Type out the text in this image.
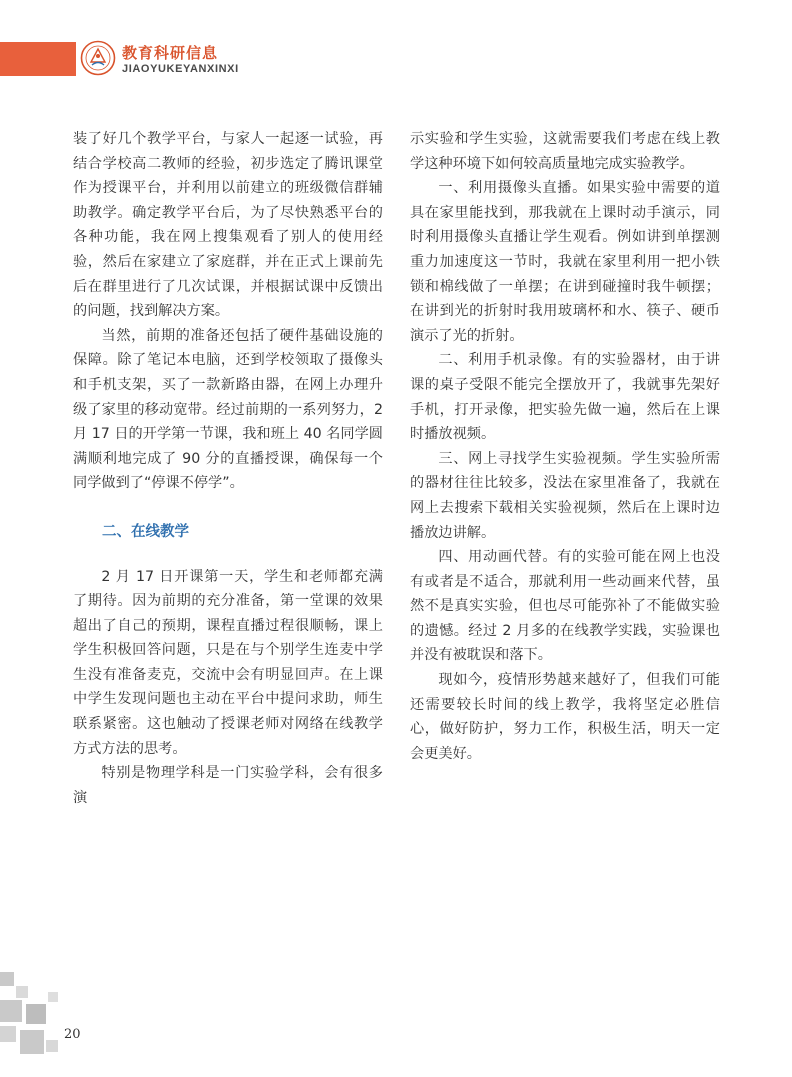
教育科研信息
JIAOYUKEYANXINXI

装了好几个教学平台，与家人一起逐一试验，再结合学校高二教师的经验，初步选定了腾讯课堂作为授课平台，并利用以前建立的班级微信群辅助教学。确定教学平台后，为了尽快熟悉平台的各种功能，我在网上搜集观看了别人的使用经验，然后在家建立了家庭群，并在正式上课前先后在群里进行了几次试课，并根据试课中反馈出的问题，找到解决方案。

当然，前期的准备还包括了硬件基础设施的保障。除了笔记本电脑，还到学校领取了摄像头和手机支架，买了一款新路由器，在网上办理升级了家里的移动宽带。经过前期的一系列努力，2 月 17 日的开学第一节课，我和班上 40 名同学圆满顺利地完成了 90 分的直播授课，确保每一个同学做到了“停课不停学”。

二、在线教学

2 月 17 日开课第一天，学生和老师都充满了期待。因为前期的充分准备，第一堂课的效果超出了自己的预期，课程直播过程很顺畅，课上学生积极回答问题，只是在与个别学生连麦中学生没有准备麦克，交流中会有明显回声。在上课中学生发现问题也主动在平台中提问求助，师生联系紧密。这也触动了授课老师对网络在线教学方式方法的思考。

特别是物理学科是一门实验学科，会有很多演

示实验和学生实验，这就需要我们考虑在线上教学这种环境下如何较高质量地完成实验教学。

一、利用摄像头直播。如果实验中需要的道具在家里能找到，那我就在上课时动手演示，同时利用摄像头直播让学生观看。例如讲到单摆测重力加速度这一节时，我就在家里利用一把小铁锁和棉线做了一单摆；在讲到碰撞时我牛顿摆；在讲到光的折射时我用玻璃杯和水、筷子、硬币演示了光的折射。

二、利用手机录像。有的实验器材，由于讲课的桌子受限不能完全摆放开了，我就事先架好手机，打开录像，把实验先做一遍，然后在上课时播放视频。

三、网上寻找学生实验视频。学生实验所需的器材往往比较多，没法在家里准备了，我就在网上去搜索下载相关实验视频，然后在上课时边播放边讲解。

四、用动画代替。有的实验可能在网上也没有或者是不适合，那就利用一些动画来代替，虽然不是真实实验，但也尽可能弥补了不能做实验的遗憾。经过 2 月多的在线教学实践，实验课也并没有被耽误和落下。

现如今，疫情形势越来越好了，但我们可能还需要较长时间的线上教学，我将坚定必胜信心，做好防护，努力工作，积极生活，明天一定会更美好。

20
